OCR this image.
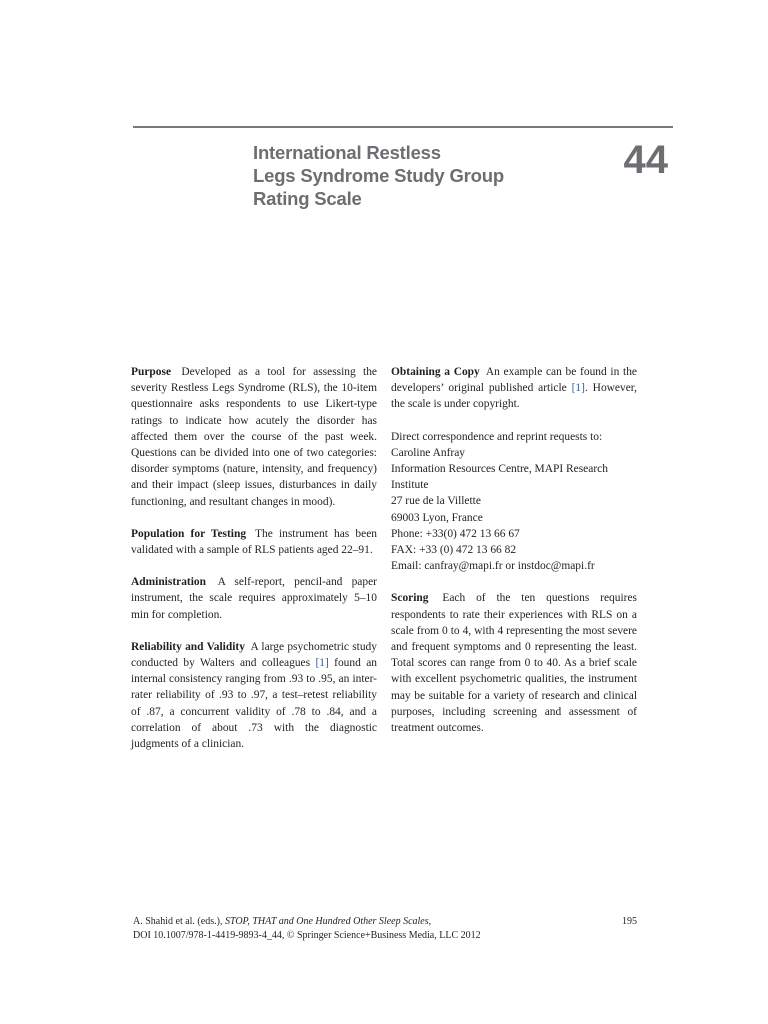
International Restless
Legs Syndrome Study Group
Rating Scale
44

Purpose Developed as a tool for assessing the severity Restless Legs Syndrome (RLS), the 10-item questionnaire asks respondents to use Likert-type ratings to indicate how acutely the disorder has affected them over the course of the past week. Questions can be divided into one of two categories: disorder symptoms (nature, intensity, and frequency) and their impact (sleep issues, disturbances in daily functioning, and resultant changes in mood).

Population for Testing The instrument has been validated with a sample of RLS patients aged 22–91.

Administration A self-report, pencil-and paper instrument, the scale requires approximately 5–10 min for completion.

Reliability and Validity A large psychometric study conducted by Walters and colleagues [1] found an internal consistency ranging from .93 to .95, an inter-rater reliability of .93 to .97, a test–retest reliability of .87, a concurrent validity of .78 to .84, and a correlation of about .73 with the diagnostic judgments of a clinician.

Obtaining a Copy An example can be found in the developers’ original published article [1]. However, the scale is under copyright.

Direct correspondence and reprint requests to:
Caroline Anfray
Information Resources Centre, MAPI Research Institute
27 rue de la Villette
69003 Lyon, France
Phone: +33(0) 472 13 66 67
FAX: +33 (0) 472 13 66 82
Email: canfray@mapi.fr or instdoc@mapi.fr

Scoring Each of the ten questions requires respondents to rate their experiences with RLS on a scale from 0 to 4, with 4 representing the most severe and frequent symptoms and 0 representing the least. Total scores can range from 0 to 40. As a brief scale with excellent psychometric qualities, the instrument may be suitable for a variety of research and clinical purposes, including screening and assessment of treatment outcomes.

A. Shahid et al. (eds.), STOP, THAT and One Hundred Other Sleep Scales,
DOI 10.1007/978-1-4419-9893-4_44, © Springer Science+Business Media, LLC 2012
195
